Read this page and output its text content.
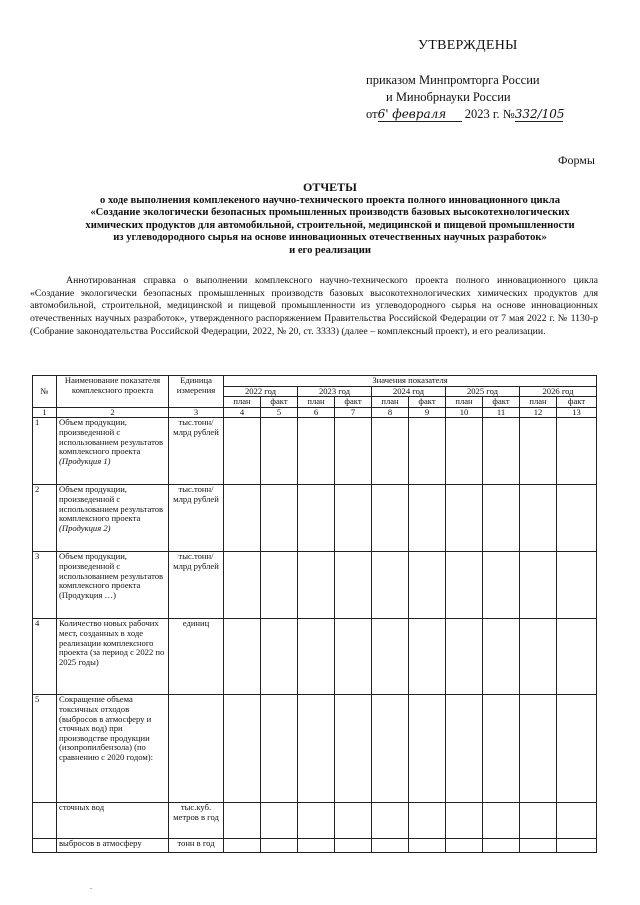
УТВЕРЖДЕНЫ
приказом Минпромторга России
и Минобрнауки России
от6' февраля 2023 г. №332/105
Формы
ОТЧЕТЫ
о ходе выполнения комплекеного научно-технического проекта полного инновационного цикла
«Создание экологически безопасных промышленных производств базовых высокотехнологических
химических продуктов для автомобильной, строительной, медицинской и пищевой промышленности
из углеводородного сырья на основе инновационных отечественных научных разработок»
и его реализации
Аннотированная справка о выполнении комплексного научно-технического проекта полного инновационного цикла «Создание экологически безопасных промышленных производств базовых высокотехнологических химических продуктов для автомобильной, строительной, медицинской и пищевой промышленности из углеводородного сырья на основе инновационных отечественных научных разработок», утвержденного распоряжением Правительства Российской Федерации от 7 мая 2022 г. № 1130-р (Собрание законодательства Российской Федерации, 2022, № 20, ст. 3333) (далее – комплексный проект), и его реализации.
№	Наименование показателя комплексного проекта	Единица измерения	Значения показателя									
			2022 год		2023 год		2024 год		2025 год		2026 год	
			план	факт	план	факт	план	факт	план	факт	план	факт
1	2	3	4	5	6	7	8	9	10	11	12	13
1	Объем продукции, произведенной с использованием результатов комплексного проекта (Продукция 1)	тыс.тонн/ млрд рублей										
2	Объем продукции, произведенной с использованием результатов комплексного проекта (Продукция 2)	тыс.тонн/ млрд рублей										
3	Объем продукции, произведенной с использованием результатов комплексного проекта (Продукция …)	тыс.тонн/ млрд рублей										
4	Количество новых рабочих мест, созданных в ходе реализации комплексного проекта (за период с 2022 по 2025 годы)	единиц										
5	Сокращение объема токсичных отходов (выбросов в атмосферу и сточных вод) при производстве продукции (изопропилбензола) (по сравнению с 2020 годом):											
	сточных вод	тыс.куб. метров в год										
	выбросов в атмосферу	тонн в год										
.
